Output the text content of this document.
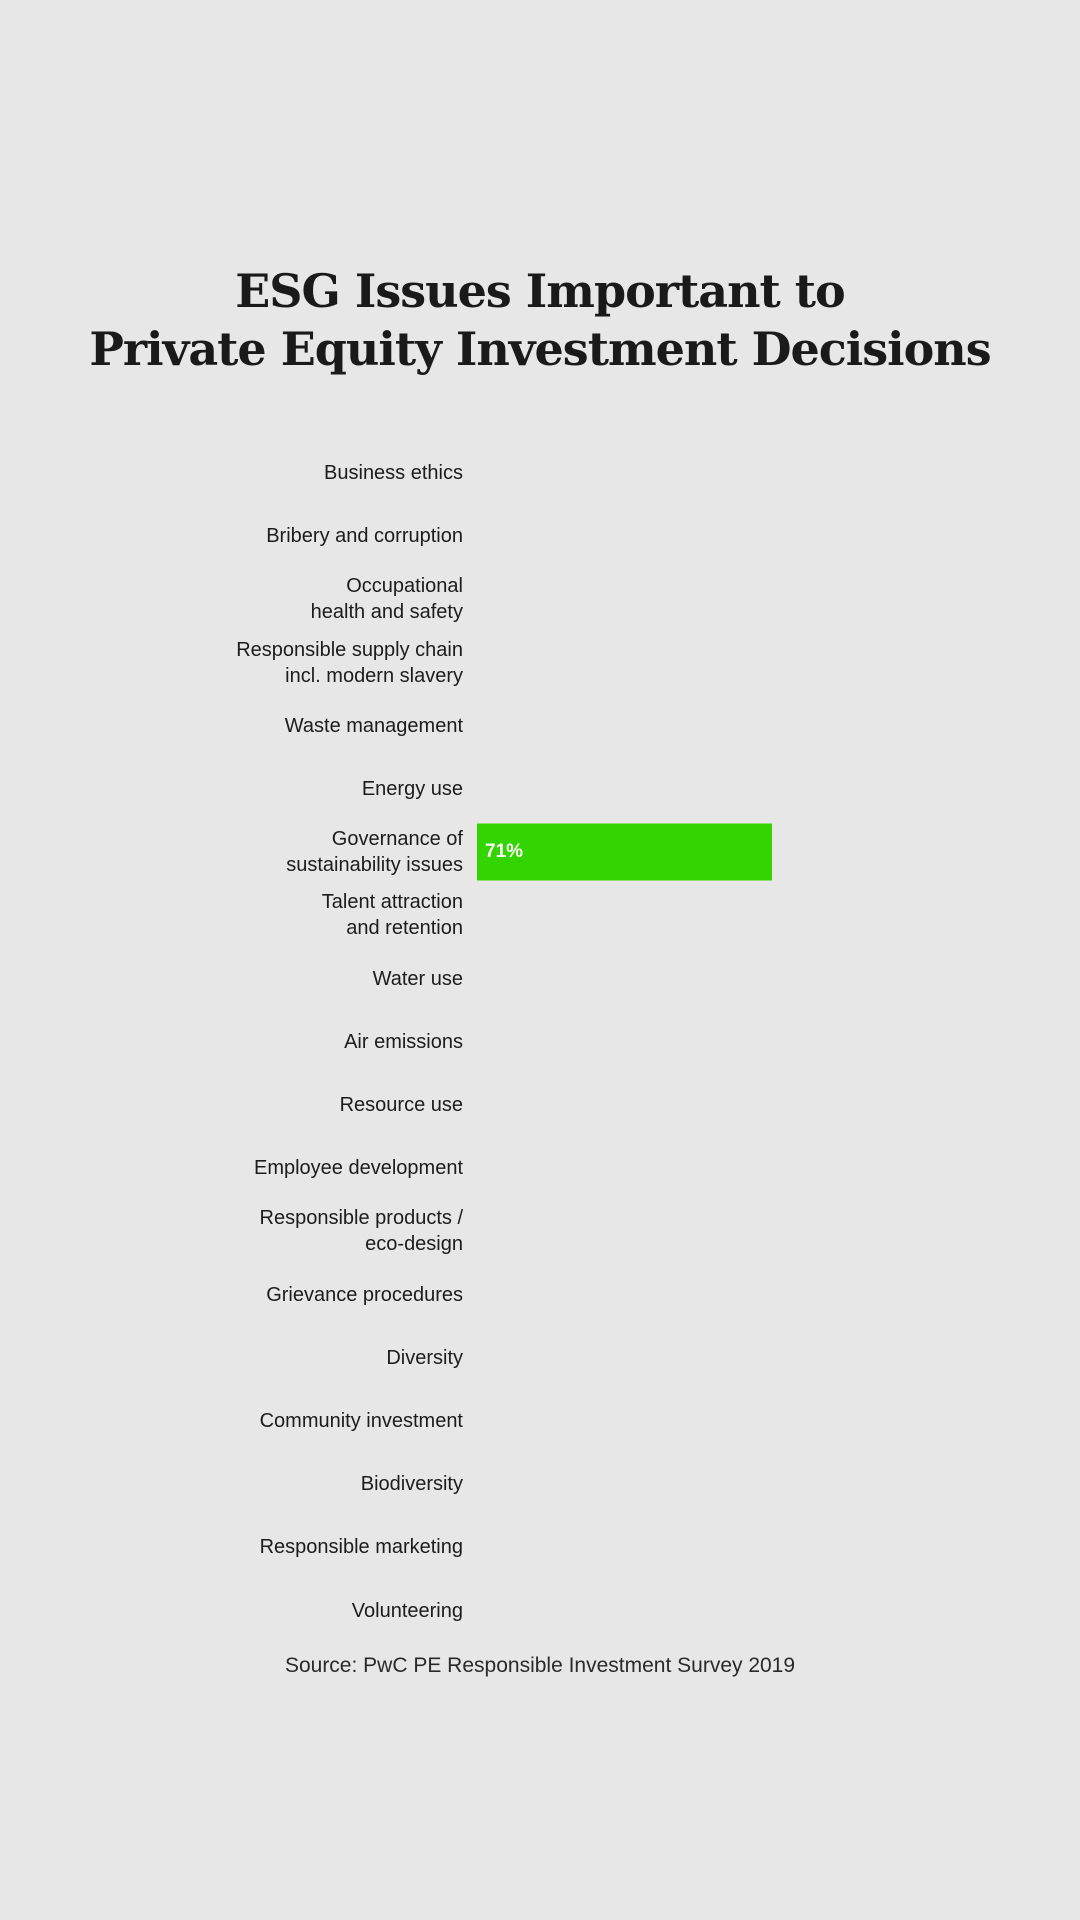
ESG Issues Important to
Private Equity Investment Decisions
Business ethics
Bribery and corruption
Occupational
health and safety
Responsible supply chain
incl. modern slavery
Waste management
Energy use
Governance of
sustainability issues
71%
Talent attraction
and retention
Water use
Air emissions
Resource use
Employee development
Responsible products /
eco-design
Grievance procedures
Diversity
Community investment
Biodiversity
Responsible marketing
Volunteering
Source: PwC PE Responsible Investment Survey 2019
